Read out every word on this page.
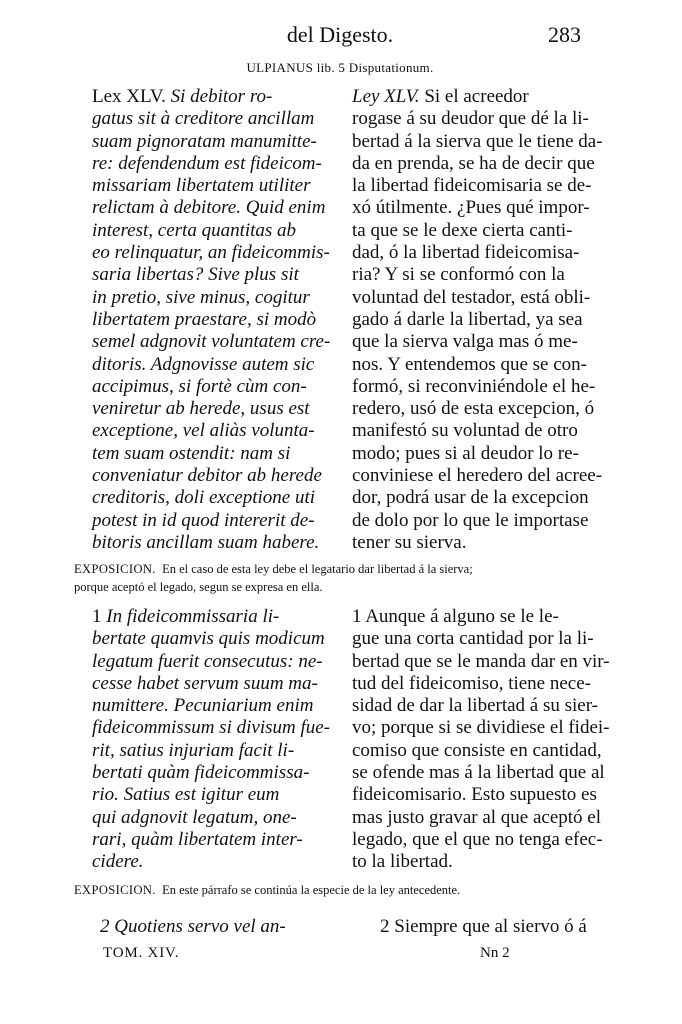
del Digesto.	283
ULPIANUS lib. 5 Disputationum.
Lex XLV. Si debitor ro-
gatus sit à creditore ancillam
suam pignoratam manumitte-
re: defendendum est fideicom-
missariam libertatem utiliter
relictam à debitore. Quid enim
interest, certa quantitas ab
eo relinquatur, an fideicommis-
saria libertas? Sive plus sit
in pretio, sive minus, cogitur
libertatem praestare, si modò
semel adgnovit voluntatem cre-
ditoris. Adgnovisse autem sic
accipimus, si fortè cùm con-
veniretur ab herede, usus est
exceptione, vel aliàs volunta-
tem suam ostendit: nam si
conveniatur debitor ab herede
creditoris, doli exceptione uti
potest in id quod intererit de-
bitoris ancillam suam habere.
Ley XLV. Si el acreedor
rogase á su deudor que dé la li-
bertad á la sierva que le tiene da-
da en prenda, se ha de decir que
la libertad fideicomisaria se de-
xó útilmente. ¿Pues qué impor-
ta que se le dexe cierta canti-
dad, ó la libertad fideicomisa-
ria? Y si se conformó con la
voluntad del testador, está obli-
gado á darle la libertad, ya sea
que la sierva valga mas ó me-
nos. Y entendemos que se con-
formó, si reconviniéndole el he-
redero, usó de esta excepcion, ó
manifestó su voluntad de otro
modo; pues si al deudor lo re-
conviniese el heredero del acree-
dor, podrá usar de la excepcion
de dolo por lo que le importase
tener su sierva.
EXPOSICION. En el caso de esta ley debe el legatario dar libertad á la sierva;
porque aceptó el legado, segun se expresa en ella.
1 In fideicommissaria li-
bertate quamvis quis modicum
legatum fuerit consecutus: ne-
cesse habet servum suum ma-
numittere. Pecuniarium enim
fideicommissum si divisum fue-
rit, satius injuriam facit li-
bertati quàm fideicommissa-
rio. Satius est igitur eum
qui adgnovit legatum, one-
rari, quàm libertatem inter-
cidere.
1 Aunque á alguno se le le-
gue una corta cantidad por la li-
bertad que se le manda dar en vir-
tud del fideicomiso, tiene nece-
sidad de dar la libertad á su sier-
vo; porque si se dividiese el fidei-
comiso que consiste en cantidad,
se ofende mas á la libertad que al
fideicomisario. Esto supuesto es
mas justo gravar al que aceptó el
legado, que el que no tenga efec-
to la libertad.
EXPOSICION. En este párrafo se continúa la especie de la ley antecedente.
2 Quotiens servo vel an-	2 Siempre que al siervo ó á
TOM. XIV.	Nn 2
